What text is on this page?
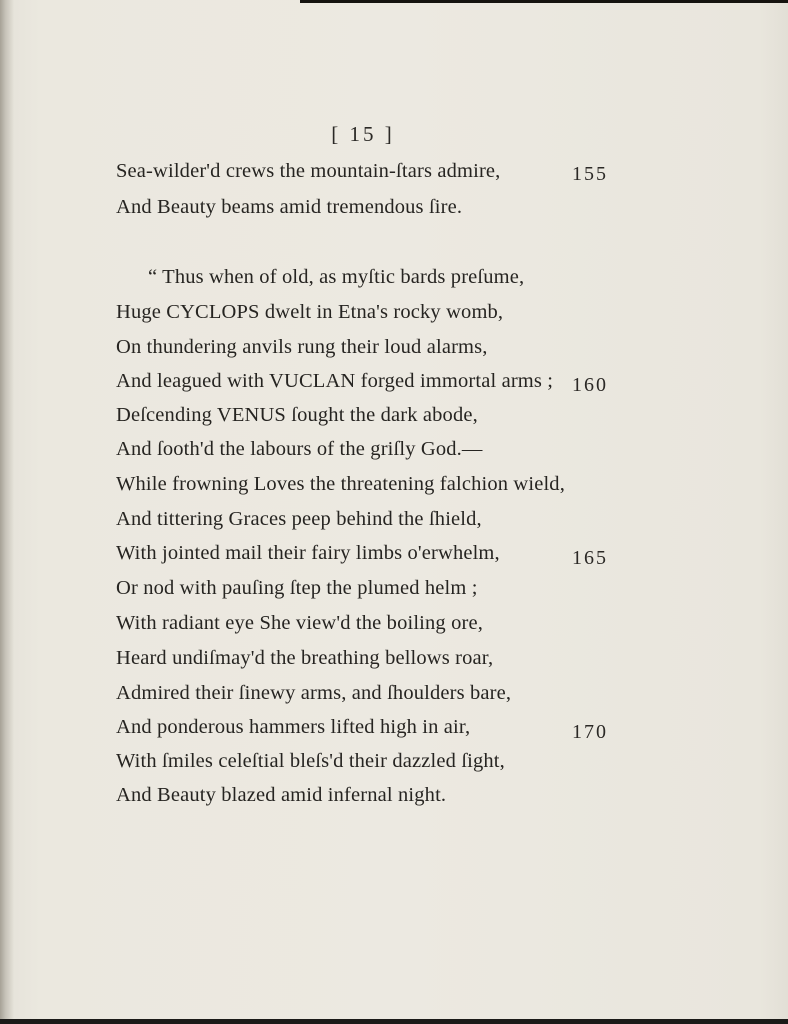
[ 15 ]
Sea-wilder'd crews the mountain-ſtars admire,
And Beauty beams amid tremendous ſire.
“ Thus when of old, as myſtic bards preſume,
Huge CYCLOPS dwelt in Etna's rocky womb,
On thundering anvils rung their loud alarms,
And leagued with VUCLAN forged immortal arms ;
Deſcending VENUS ſought the dark abode,
And ſooth'd the labours of the griſly God.—
While frowning Loves the threatening falchion wield,
And tittering Graces peep behind the ſhield,
With jointed mail their fairy limbs o'erwhelm,
Or nod with pauſing ſtep the plumed helm ;
With radiant eye She view'd the boiling ore,
Heard undiſmay'd the breathing bellows roar,
Admired their ſinewy arms, and ſhoulders bare,
And ponderous hammers lifted high in air,
With ſmiles celeſtial bleſs'd their dazzled ſight,
And Beauty blazed amid infernal night.
155
160
165
170
